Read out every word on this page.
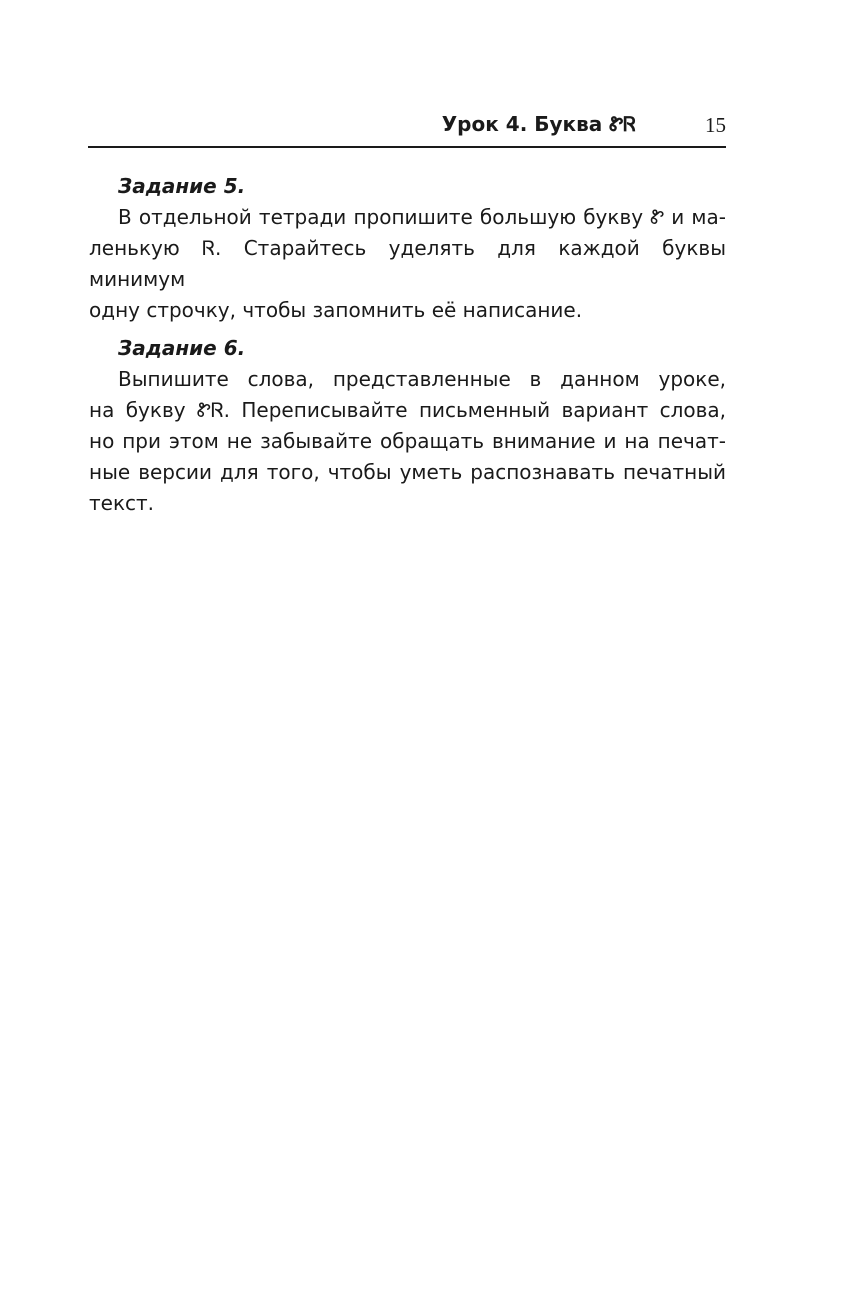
Урок 4. Буква ᏑᏒ	15
Задание 5.
В отдельной тетради пропишите большую букву Ꮡ и ма-
ленькую Ꮢ. Старайтесь уделять для каждой буквы минимум
одну строчку, чтобы запомнить её написание.
Задание 6.
Выпишите слова, представленные в данном уроке,
на букву ᏑᏒ. Переписывайте письменный вариант слова,
но при этом не забывайте обращать внимание и на печат-
ные версии для того, чтобы уметь распознавать печатный
текст.
